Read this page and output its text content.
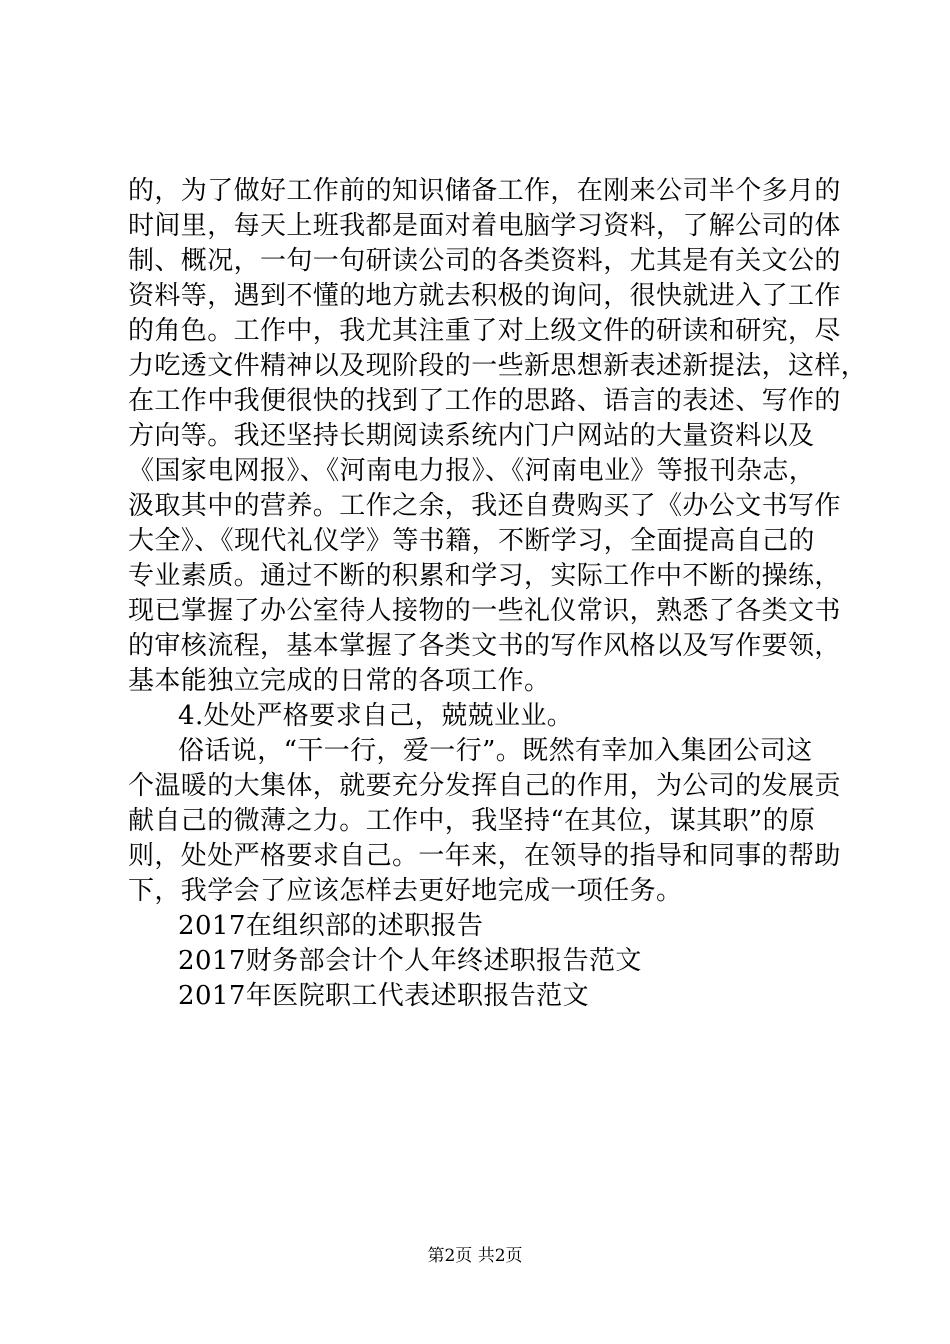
的，为了做好工作前的知识储备工作，在刚来公司半个多月的
时间里，每天上班我都是面对着电脑学习资料，了解公司的体
制、概况，一句一句研读公司的各类资料，尤其是有关文公的
资料等，遇到不懂的地方就去积极的询问，很快就进入了工作
的角色。工作中，我尤其注重了对上级文件的研读和研究，尽
力吃透文件精神以及现阶段的一些新思想新表述新提法，这样，
在工作中我便很快的找到了工作的思路、语言的表述、写作的
方向等。我还坚持长期阅读系统内门户网站的大量资料以及
《国家电网报》、《河南电力报》、《河南电业》等报刊杂志，
汲取其中的营养。工作之余，我还自费购买了《办公文书写作
大全》、《现代礼仪学》等书籍，不断学习，全面提高自己的
专业素质。通过不断的积累和学习，实际工作中不断的操练，
现已掌握了办公室待人接物的一些礼仪常识，熟悉了各类文书
的审核流程，基本掌握了各类文书的写作风格以及写作要领，
基本能独立完成的日常的各项工作。
4.处处严格要求自己，兢兢业业。
俗话说，“干一行，爱一行”。既然有幸加入集团公司这
个温暖的大集体，就要充分发挥自己的作用，为公司的发展贡
献自己的微薄之力。工作中，我坚持“在其位，谋其职”的原
则，处处严格要求自己。一年来，在领导的指导和同事的帮助
下，我学会了应该怎样去更好地完成一项任务。
2017在组织部的述职报告
2017财务部会计个人年终述职报告范文
2017年医院职工代表述职报告范文
第2页 共2页
